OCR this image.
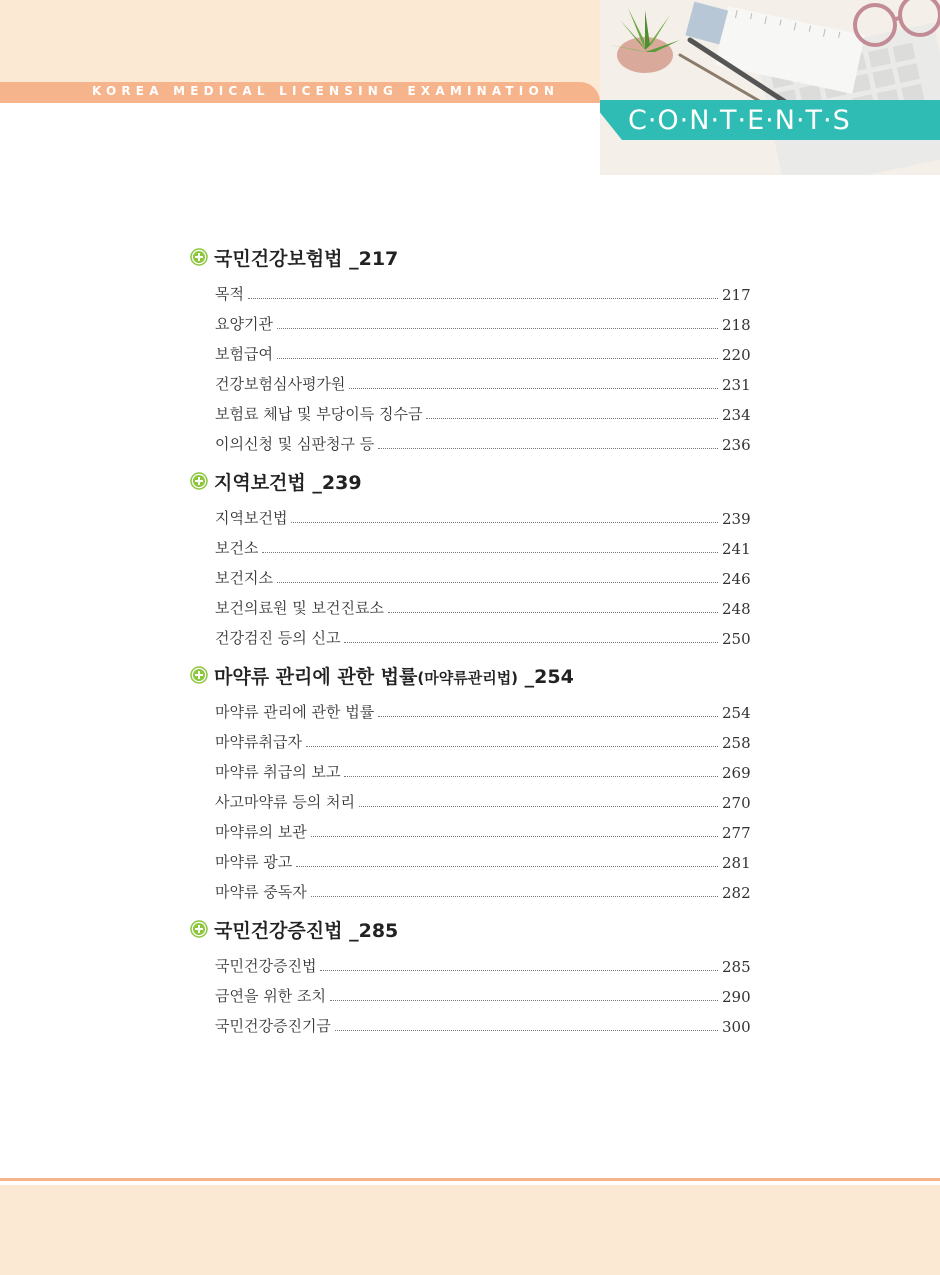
KOREA MEDICAL LICENSING EXAMINATION
C·O·N·T·E·N·T·S
국민건강보험법 _217
목적	217
요양기관	218
보험급여	220
건강보험심사평가원	231
보험료 체납 및 부당이득 징수금	234
이의신청 및 심판청구 등	236
지역보건법 _239
지역보건법	239
보건소	241
보건지소	246
보건의료원 및 보건진료소	248
건강검진 등의 신고	250
마약류 관리에 관한 법률(마약류관리법) _254
마약류 관리에 관한 법률	254
마약류취급자	258
마약류 취급의 보고	269
사고마약류 등의 처리	270
마약류의 보관	277
마약류 광고	281
마약류 중독자	282
국민건강증진법 _285
국민건강증진법	285
금연을 위한 조치	290
국민건강증진기금	300
